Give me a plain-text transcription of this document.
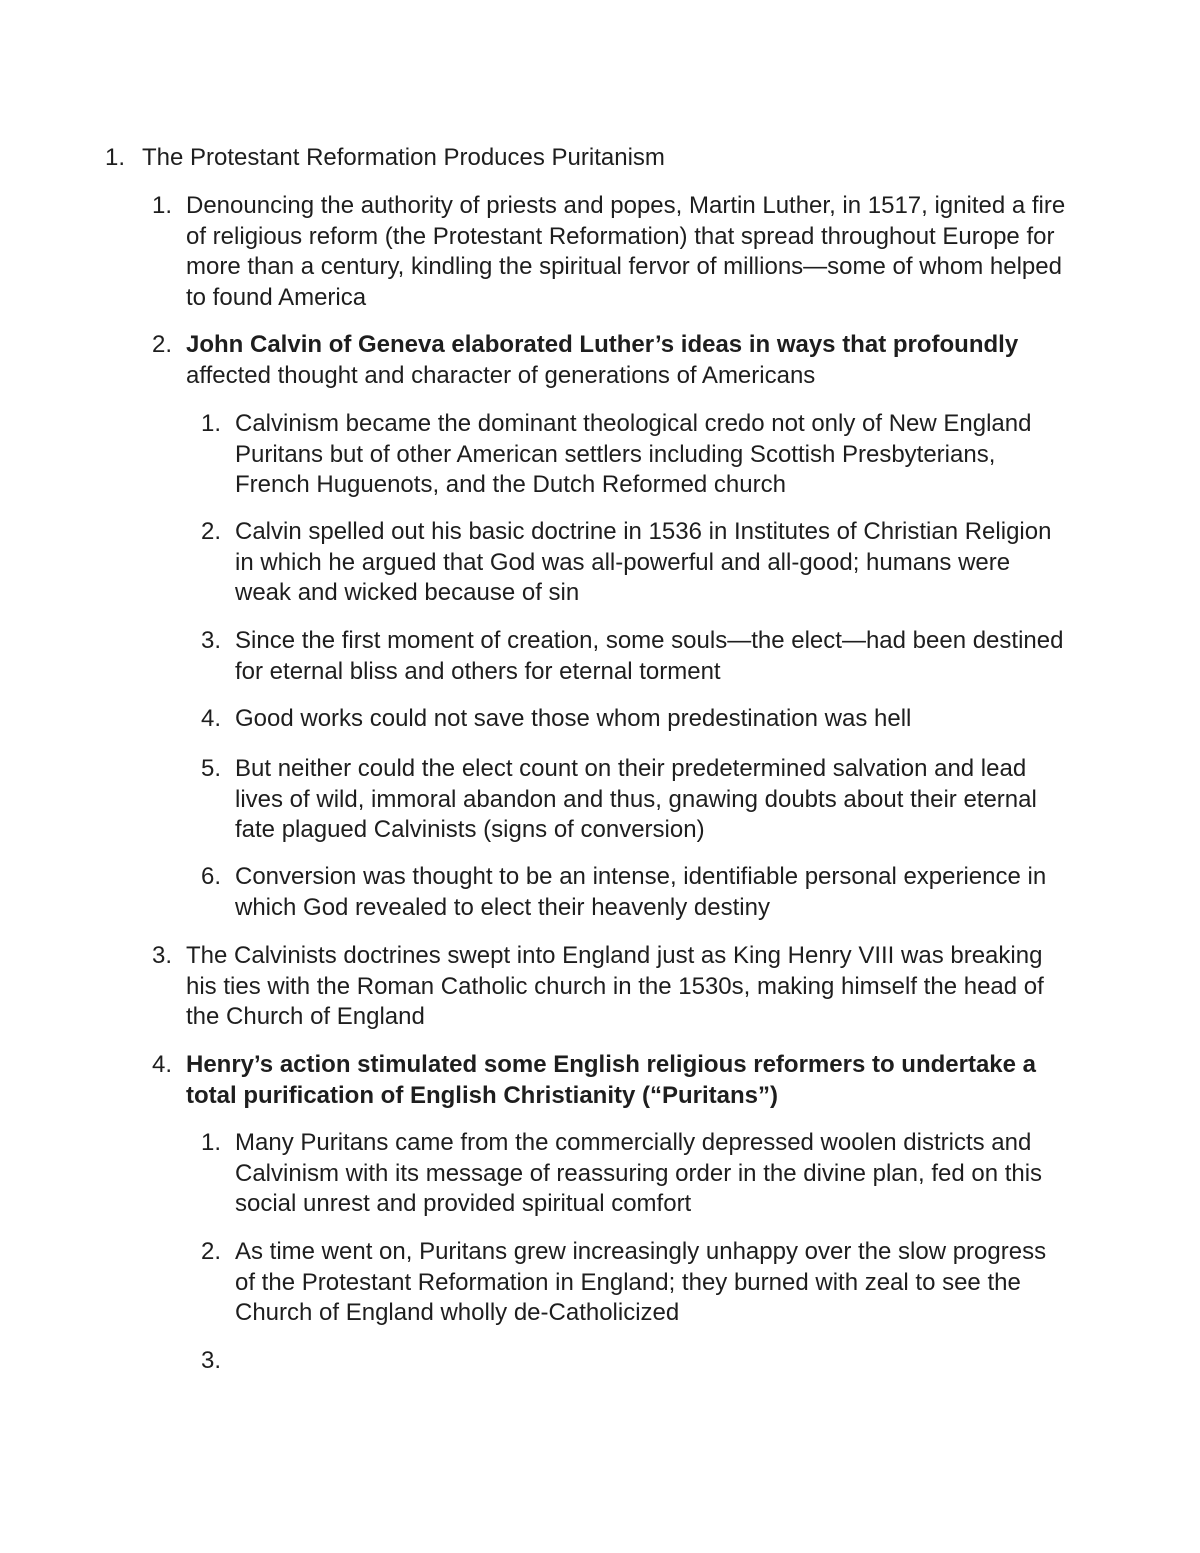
1. The Protestant Reformation Produces Puritanism
1. Denouncing the authority of priests and popes, Martin Luther, in 1517, ignited a fire of religious reform (the Protestant Reformation) that spread throughout Europe for more than a century, kindling the spiritual fervor of millions—some of whom helped to found America
2. John Calvin of Geneva elaborated Luther’s ideas in ways that profoundly
affected thought and character of generations of Americans
1. Calvinism became the dominant theological credo not only of New England Puritans but of other American settlers including Scottish Presbyterians, French Huguenots, and the Dutch Reformed church
2. Calvin spelled out his basic doctrine in 1536 in Institutes of Christian Religion in which he argued that God was all-powerful and all-good; humans were weak and wicked because of sin
3. Since the first moment of creation, some souls—the elect—had been destined for eternal bliss and others for eternal torment
4. Good works could not save those whom predestination was hell
5. But neither could the elect count on their predetermined salvation and lead lives of wild, immoral abandon and thus, gnawing doubts about their eternal fate plagued Calvinists (signs of conversion)
6. Conversion was thought to be an intense, identifiable personal experience in which God revealed to elect their heavenly destiny
3. The Calvinists doctrines swept into England just as King Henry VIII was breaking his ties with the Roman Catholic church in the 1530s, making himself the head of the Church of England
4. Henry’s action stimulated some English religious reformers to undertake a total purification of English Christianity (“Puritans”)
1. Many Puritans came from the commercially depressed woolen districts and Calvinism with its message of reassuring order in the divine plan, fed on this social unrest and provided spiritual comfort
2. As time went on, Puritans grew increasingly unhappy over the slow progress of the Protestant Reformation in England; they burned with zeal to see the Church of England wholly de-Catholicized
3.
